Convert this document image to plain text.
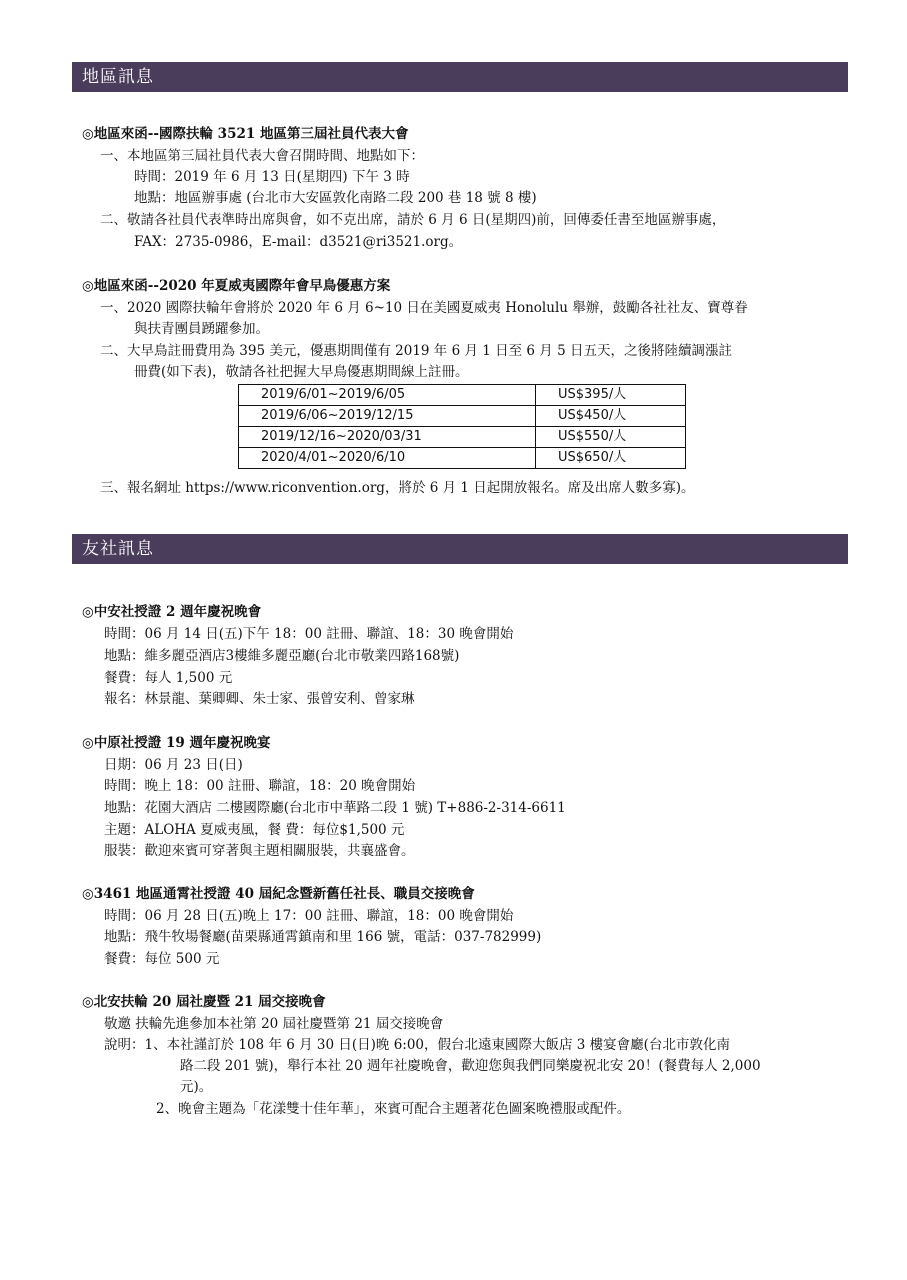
地區訊息
◎地區來函--國際扶輪 3521 地區第三屆社員代表大會
一、本地區第三屆社員代表大會召開時間、地點如下：
時間：2019 年 6 月 13 日(星期四) 下午 3 時
地點：地區辦事處 (台北市大安區敦化南路二段 200 巷 18 號 8 樓)
二、敬請各社員代表準時出席與會，如不克出席，請於 6 月 6 日(星期四)前，回傳委任書至地區辦事處，
FAX：2735-0986，E-mail：d3521@ri3521.org。
◎地區來函--2020 年夏威夷國際年會早鳥優惠方案
一、2020 國際扶輪年會將於 2020 年 6 月 6~10 日在美國夏威夷 Honolulu 舉辦，鼓勵各社社友、寶尊眷
與扶青團員踴躍參加。
二、大早鳥註冊費用為 395 美元，優惠期間僅有 2019 年 6 月 1 日至 6 月 5 日五天，之後將陸續調漲註
冊費(如下表)，敬請各社把握大早鳥優惠期間線上註冊。
2019/6/01~2019/6/05	US$395/人
2019/6/06~2019/12/15	US$450/人
2019/12/16~2020/03/31	US$550/人
2020/4/01~2020/6/10	US$650/人
三、報名網址 https://www.riconvention.org，將於 6 月 1 日起開放報名。席及出席人數多寡)。
友社訊息
◎中安社授證 2 週年慶祝晚會
時間：06 月 14 日(五)下午 18：00 註冊、聯誼、18：30 晚會開始
地點：維多麗亞酒店3樓維多麗亞廳(台北市敬業四路168號)
餐費：每人 1,500 元
報名：林景龍、葉卿卿、朱士家、張曾安利、曾家琳
◎中原社授證 19 週年慶祝晚宴
日期：06 月 23 日(日)
時間：晚上 18：00 註冊、聯誼，18：20 晚會開始
地點：花園大酒店 二樓國際廳(台北市中華路二段 1 號) T+886-2-314-6611
主題：ALOHA 夏威夷風，餐 費：每位$1,500 元
服裝：歡迎來賓可穿著與主題相關服裝，共襄盛會。
◎3461 地區通霄社授證 40 屆紀念暨新舊任社長、職員交接晚會
時間：06 月 28 日(五)晚上 17：00 註冊、聯誼，18：00 晚會開始
地點：飛牛牧場餐廳(苗栗縣通霄鎮南和里 166 號，電話：037-782999)
餐費：每位 500 元
◎北安扶輪 20 屆社慶暨 21 屆交接晚會
敬邀 扶輪先進參加本社第 20 屆社慶暨第 21 屆交接晚會
說明：1、本社謹訂於 108 年 6 月 30 日(日)晚 6:00，假台北遠東國際大飯店 3 樓宴會廳(台北市敦化南
路二段 201 號)，舉行本社 20 週年社慶晚會，歡迎您與我們同樂慶祝北安 20！(餐費每人 2,000
元)。
2、晚會主題為「花漾雙十佳年華」，來賓可配合主題著花色圖案晚禮服或配件。
